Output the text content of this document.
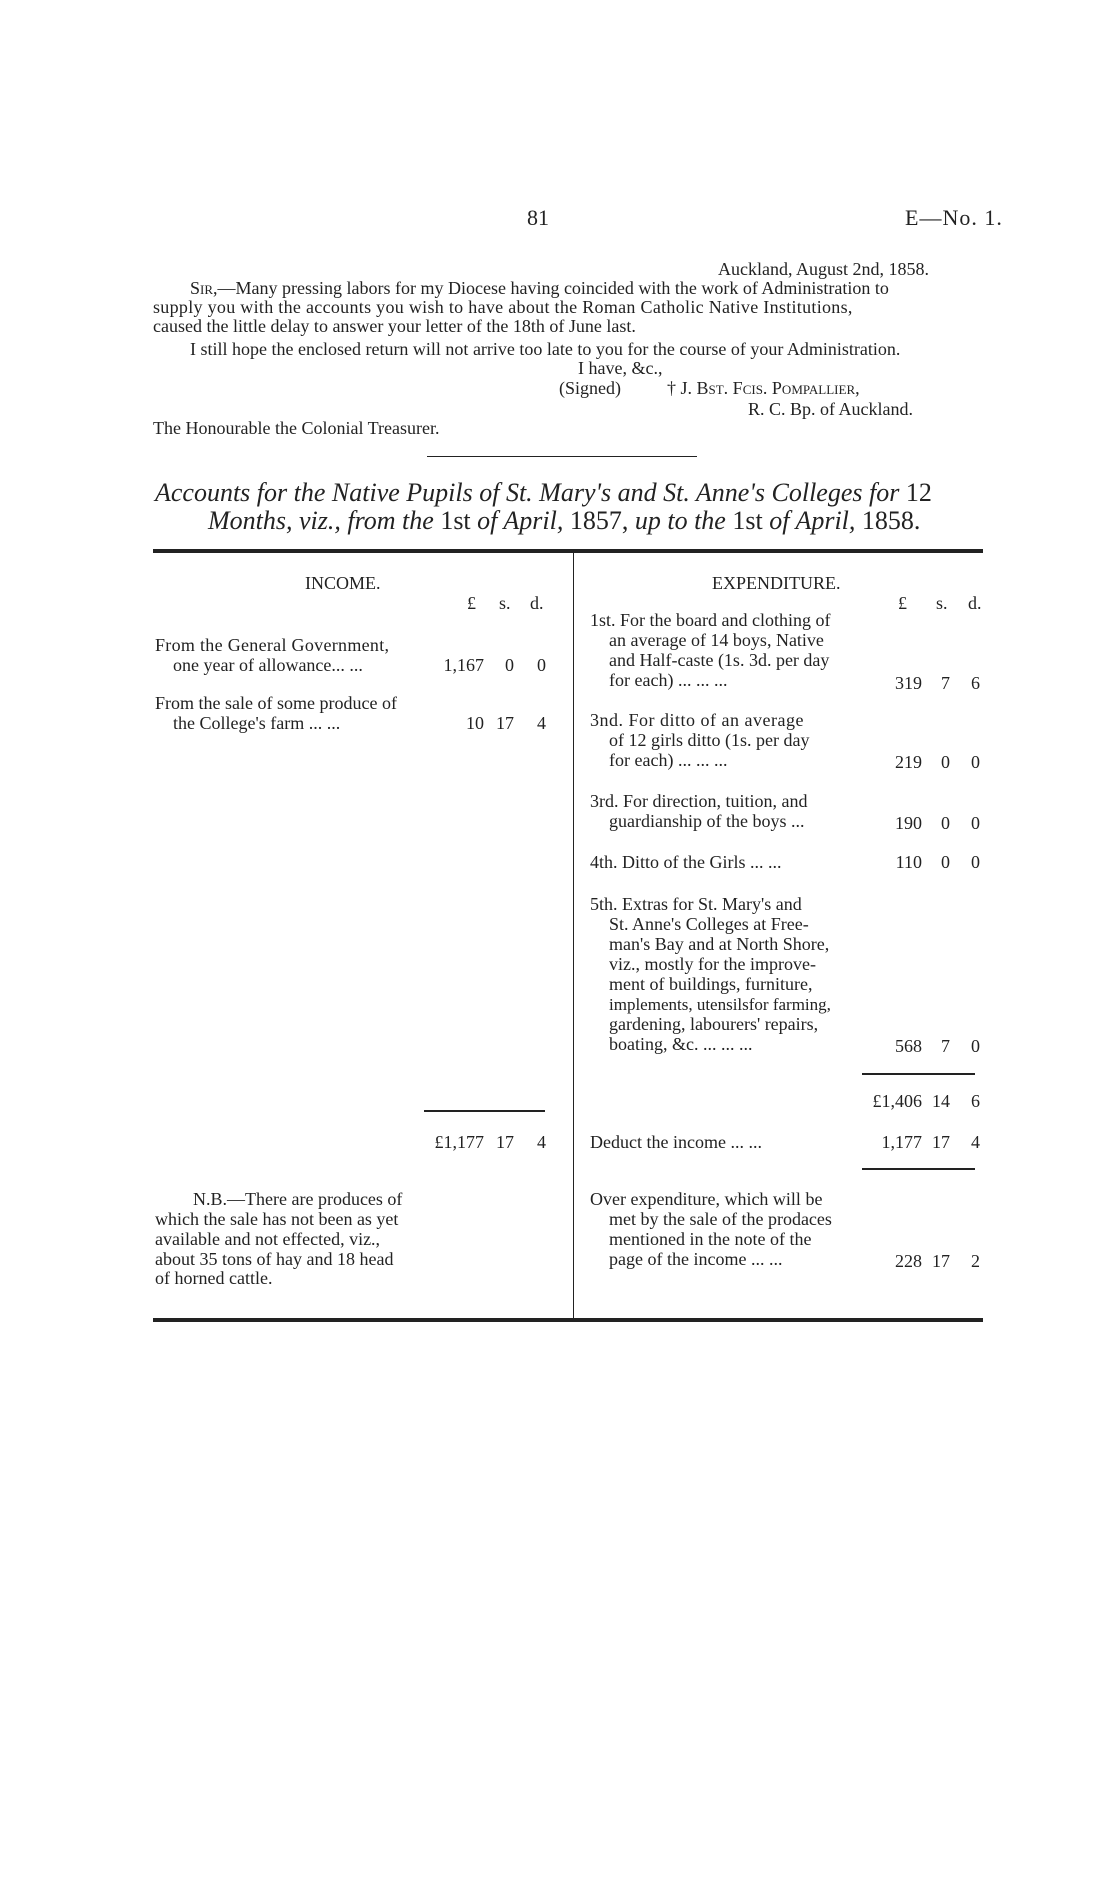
81	E—No. 1.
Auckland, August 2nd, 1858.
Sir,—Many pressing labors for my Diocese having coincided with the work of Administration to
supply you with the accounts you wish to have about the Roman Catholic Native Institutions,
caused the little delay to answer your letter of the 18th of June last.
I still hope the enclosed return will not arrive too late to you for the course of your Administration.
I have, &c.,
(Signed)	† J. Bst. Fcis. Pompallier,
R. C. Bp. of Auckland.
The Honourable the Colonial Treasurer.
Accounts for the Native Pupils of St. Mary's and St. Anne's Colleges for 12
Months, viz., from the 1st of April, 1857, up to the 1st of April, 1858.
INCOME.
£ s. d.
From the General Government,
one year of allowance... ...	1,167	0	0
From the sale of some produce of
the College's farm ... ...	10 17	4
£1,177 17	4
N.B.—There are produces of
which the sale has not been as yet
available and not effected, viz.,
about 35 tons of hay and 18 head
of horned cattle.
EXPENDITURE.
£ s. d.
1st. For the board and clothing of
an average of 14 boys, Native
and Half-caste (1s. 3d. per day
for each) ... ... ...	319	7	6
3nd. For ditto of an average
of 12 girls ditto (1s. per day
for each) ... ... ...	219	0	0
3rd. For direction, tuition, and
guardianship of the boys ...	190	0	0
4th. Ditto of the Girls ... ...	110	0	0
5th. Extras for St. Mary's and
St. Anne's Colleges at Free-
man's Bay and at North Shore,
viz., mostly for the improve-
ment of buildings, furniture,
implements, utensilsfor farming,
gardening, labourers' repairs,
boating, &c. ... ... ...	568	7	0
£1,406 14	6
Deduct the income ... ...	1,177 17	4
Over expenditure, which will be
met by the sale of the prodaces
mentioned in the note of the
page of the income ... ...	228 17	2
